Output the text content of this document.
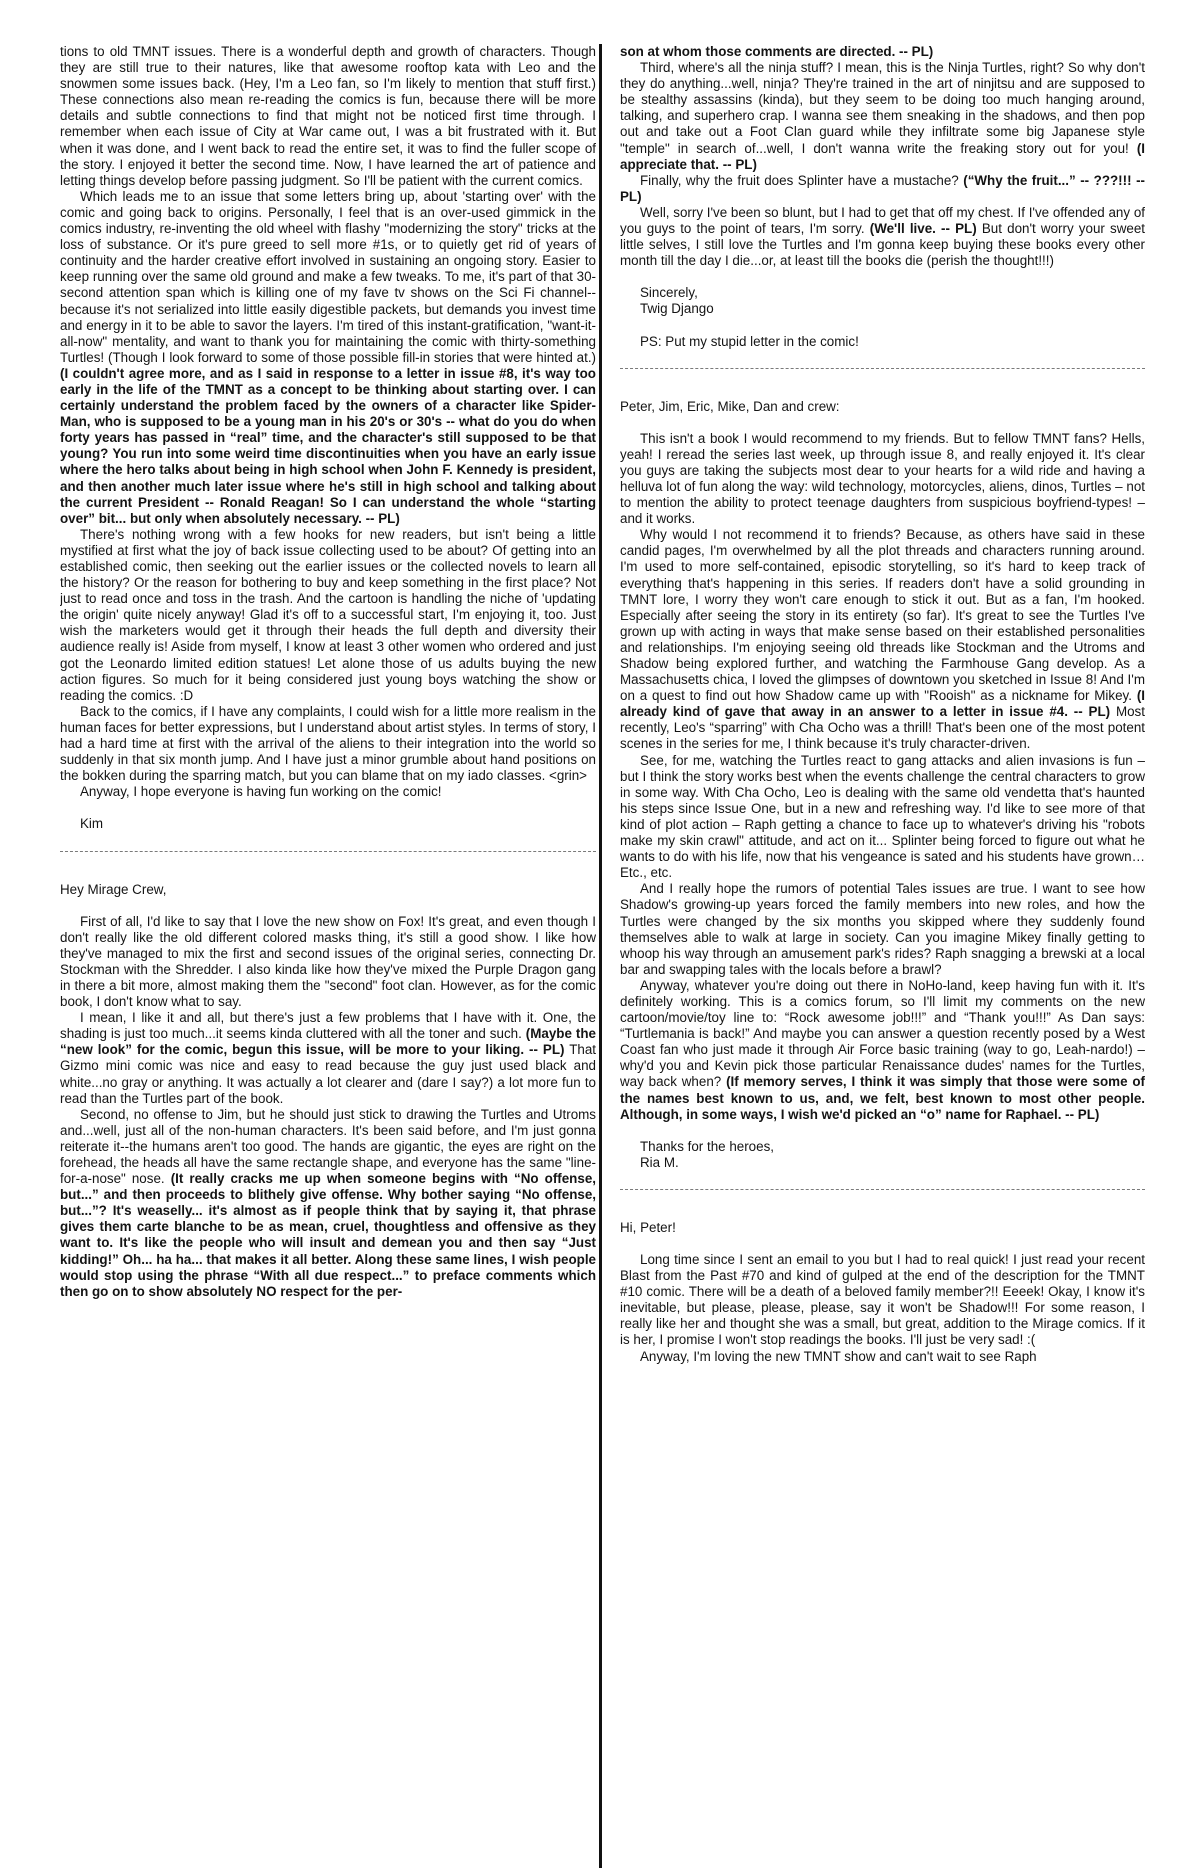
tions to old TMNT issues. There is a wonderful depth and growth of characters. Though they are still true to their natures, like that awesome rooftop kata with Leo and the snowmen some issues back. (Hey, I'm a Leo fan, so I'm likely to mention that stuff first.) These connections also mean re-reading the comics is fun, because there will be more details and subtle connections to find that might not be noticed first time through. I remember when each issue of City at War came out, I was a bit frustrated with it. But when it was done, and I went back to read the entire set, it was to find the fuller scope of the story. I enjoyed it better the second time. Now, I have learned the art of patience and letting things develop before passing judgment. So I'll be patient with the current comics.

Which leads me to an issue that some letters bring up, about 'starting over' with the comic and going back to origins. Personally, I feel that is an over-used gimmick in the comics industry, re-inventing the old wheel with flashy "modernizing the story" tricks at the loss of substance. Or it's pure greed to sell more #1s, or to quietly get rid of years of continuity and the harder creative effort involved in sustaining an ongoing story. Easier to keep running over the same old ground and make a few tweaks. To me, it's part of that 30-second attention span which is killing one of my fave tv shows on the Sci Fi channel--because it's not serialized into little easily digestible packets, but demands you invest time and energy in it to be able to savor the layers. I'm tired of this instant-gratification, "want-it-all-now" mentality, and want to thank you for maintaining the comic with thirty-something Turtles! (Though I look forward to some of those possible fill-in stories that were hinted at.) (I couldn't agree more, and as I said in response to a letter in issue #8, it's way too early in the life of the TMNT as a concept to be thinking about starting over. I can certainly understand the problem faced by the owners of a character like Spider-Man, who is supposed to be a young man in his 20's or 30's -- what do you do when forty years has passed in “real” time, and the character's still supposed to be that young? You run into some weird time discontinuities when you have an early issue where the hero talks about being in high school when John F. Kennedy is president, and then another much later issue where he's still in high school and talking about the current President -- Ronald Reagan! So I can understand the whole “starting over” bit... but only when absolutely necessary. -- PL)

There's nothing wrong with a few hooks for new readers, but isn't being a little mystified at first what the joy of back issue collecting used to be about? Of getting into an established comic, then seeking out the earlier issues or the collected novels to learn all the history? Or the reason for bothering to buy and keep something in the first place? Not just to read once and toss in the trash. And the cartoon is handling the niche of 'updating the origin' quite nicely anyway! Glad it's off to a successful start, I'm enjoying it, too. Just wish the marketers would get it through their heads the full depth and diversity their audience really is! Aside from myself, I know at least 3 other women who ordered and just got the Leonardo limited edition statues! Let alone those of us adults buying the new action figures. So much for it being considered just young boys watching the show or reading the comics. :D

Back to the comics, if I have any complaints, I could wish for a little more realism in the human faces for better expressions, but I understand about artist styles. In terms of story, I had a hard time at first with the arrival of the aliens to their integration into the world so suddenly in that six month jump. And I have just a minor grumble about hand positions on the bokken during the sparring match, but you can blame that on my iado classes. <grin>

Anyway, I hope everyone is having fun working on the comic!

Kim

Hey Mirage Crew,

First of all, I'd like to say that I love the new show on Fox! It's great, and even though I don't really like the old different colored masks thing, it's still a good show. I like how they've managed to mix the first and second issues of the original series, connecting Dr. Stockman with the Shredder. I also kinda like how they've mixed the Purple Dragon gang in there a bit more, almost making them the "second" foot clan. However, as for the comic book, I don't know what to say.

I mean, I like it and all, but there's just a few problems that I have with it. One, the shading is just too much...it seems kinda cluttered with all the toner and such. (Maybe the “new look” for the comic, begun this issue, will be more to your liking. -- PL) That Gizmo mini comic was nice and easy to read because the guy just used black and white...no gray or anything. It was actually a lot clearer and (dare I say?) a lot more fun to read than the Turtles part of the book.

Second, no offense to Jim, but he should just stick to drawing the Turtles and Utroms and...well, just all of the non-human characters. It's been said before, and I'm just gonna reiterate it--the humans aren't too good. The hands are gigantic, the eyes are right on the forehead, the heads all have the same rectangle shape, and everyone has the same "line-for-a-nose" nose. (It really cracks me up when someone begins with “No offense, but...” and then proceeds to blithely give offense. Why bother saying “No offense, but...”? It's weaselly... it's almost as if people think that by saying it, that phrase gives them carte blanche to be as mean, cruel, thoughtless and offensive as they want to. It's like the people who will insult and demean you and then say “Just kidding!” Oh... ha ha... that makes it all better. Along these same lines, I wish people would stop using the phrase “With all due respect...” to preface comments which then go on to show absolutely NO respect for the per-

son at whom those comments are directed. -- PL)

Third, where's all the ninja stuff? I mean, this is the Ninja Turtles, right? So why don't they do anything...well, ninja? They're trained in the art of ninjitsu and are supposed to be stealthy assassins (kinda), but they seem to be doing too much hanging around, talking, and superhero crap. I wanna see them sneaking in the shadows, and then pop out and take out a Foot Clan guard while they infiltrate some big Japanese style "temple" in search of...well, I don't wanna write the freaking story out for you! (I appreciate that. -- PL)

Finally, why the fruit does Splinter have a mustache? (“Why the fruit...” -- ???!!! -- PL)

Well, sorry I've been so blunt, but I had to get that off my chest. If I've offended any of you guys to the point of tears, I'm sorry. (We'll live. -- PL) But don't worry your sweet little selves, I still love the Turtles and I'm gonna keep buying these books every other month till the day I die...or, at least till the books die (perish the thought!!!)

Sincerely,

Twig Django

PS: Put my stupid letter in the comic!

Peter, Jim, Eric, Mike, Dan and crew:

This isn't a book I would recommend to my friends. But to fellow TMNT fans? Hells, yeah! I reread the series last week, up through issue 8, and really enjoyed it. It's clear you guys are taking the subjects most dear to your hearts for a wild ride and having a helluva lot of fun along the way: wild technology, motorcycles, aliens, dinos, Turtles – not to mention the ability to protect teenage daughters from suspicious boyfriend-types! – and it works.

Why would I not recommend it to friends? Because, as others have said in these candid pages, I'm overwhelmed by all the plot threads and characters running around. I'm used to more self-contained, episodic storytelling, so it's hard to keep track of everything that's happening in this series. If readers don't have a solid grounding in TMNT lore, I worry they won't care enough to stick it out. But as a fan, I'm hooked. Especially after seeing the story in its entirety (so far). It's great to see the Turtles I've grown up with acting in ways that make sense based on their established personalities and relationships. I'm enjoying seeing old threads like Stockman and the Utroms and Shadow being explored further, and watching the Farmhouse Gang develop. As a Massachusetts chica, I loved the glimpses of downtown you sketched in Issue 8! And I'm on a quest to find out how Shadow came up with "Rooish" as a nickname for Mikey. (I already kind of gave that away in an answer to a letter in issue #4. -- PL) Most recently, Leo's “sparring” with Cha Ocho was a thrill! That's been one of the most potent scenes in the series for me, I think because it's truly character-driven.

See, for me, watching the Turtles react to gang attacks and alien invasions is fun – but I think the story works best when the events challenge the central characters to grow in some way. With Cha Ocho, Leo is dealing with the same old vendetta that's haunted his steps since Issue One, but in a new and refreshing way. I'd like to see more of that kind of plot action – Raph getting a chance to face up to whatever's driving his "robots make my skin crawl" attitude, and act on it... Splinter being forced to figure out what he wants to do with his life, now that his vengeance is sated and his students have grown… Etc., etc.

And I really hope the rumors of potential Tales issues are true. I want to see how Shadow's growing-up years forced the family members into new roles, and how the Turtles were changed by the six months you skipped where they suddenly found themselves able to walk at large in society. Can you imagine Mikey finally getting to whoop his way through an amusement park's rides? Raph snagging a brewski at a local bar and swapping tales with the locals before a brawl?

Anyway, whatever you're doing out there in NoHo-land, keep having fun with it. It's definitely working. This is a comics forum, so I'll limit my comments on the new cartoon/movie/toy line to: “Rock awesome job!!!” and “Thank you!!!” As Dan says: “Turtlemania is back!” And maybe you can answer a question recently posed by a West Coast fan who just made it through Air Force basic training (way to go, Leah-nardo!) – why'd you and Kevin pick those particular Renaissance dudes' names for the Turtles, way back when? (If memory serves, I think it was simply that those were some of the names best known to us, and, we felt, best known to most other people. Although, in some ways, I wish we'd picked an “o” name for Raphael. -- PL)

Thanks for the heroes,

Ria M.

Hi, Peter!

Long time since I sent an email to you but I had to real quick! I just read your recent Blast from the Past #70 and kind of gulped at the end of the description for the TMNT #10 comic. There will be a death of a beloved family member?!! Eeeek! Okay, I know it's inevitable, but please, please, please, say it won't be Shadow!!! For some reason, I really like her and thought she was a small, but great, addition to the Mirage comics. If it is her, I promise I won't stop readings the books. I'll just be very sad! :(

Anyway, I'm loving the new TMNT show and can't wait to see Raph
